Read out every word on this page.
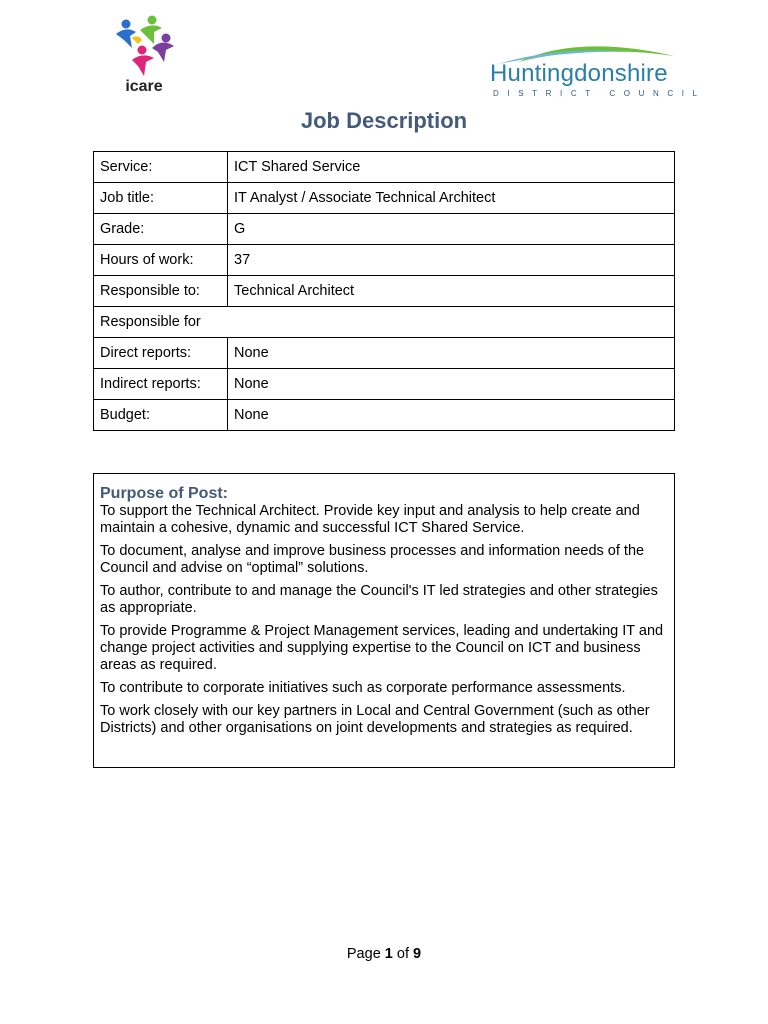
icare	Huntingdonshire
DISTRICT COUNCIL
Job Description
Service:	ICT Shared Service
Job title:	IT Analyst / Associate Technical Architect
Grade:	G
Hours of work:	37
Responsible to:	Technical Architect
Responsible for	
Direct reports:	None
Indirect reports:	None
Budget:	None
Purpose of Post:

To support the Technical Architect. Provide key input and analysis to help create and maintain a cohesive, dynamic and successful ICT Shared Service.

To document, analyse and improve business processes and information needs of the Council and advise on “optimal” solutions.

To author, contribute to and manage the Council's IT led strategies and other strategies as appropriate.

To provide Programme & Project Management services, leading and undertaking IT and change project activities and supplying expertise to the Council on ICT and business areas as required.

To contribute to corporate initiatives such as corporate performance assessments.

To work closely with our key partners in Local and Central Government (such as other Districts) and other organisations on joint developments and strategies as required.

Page 1 of 9
